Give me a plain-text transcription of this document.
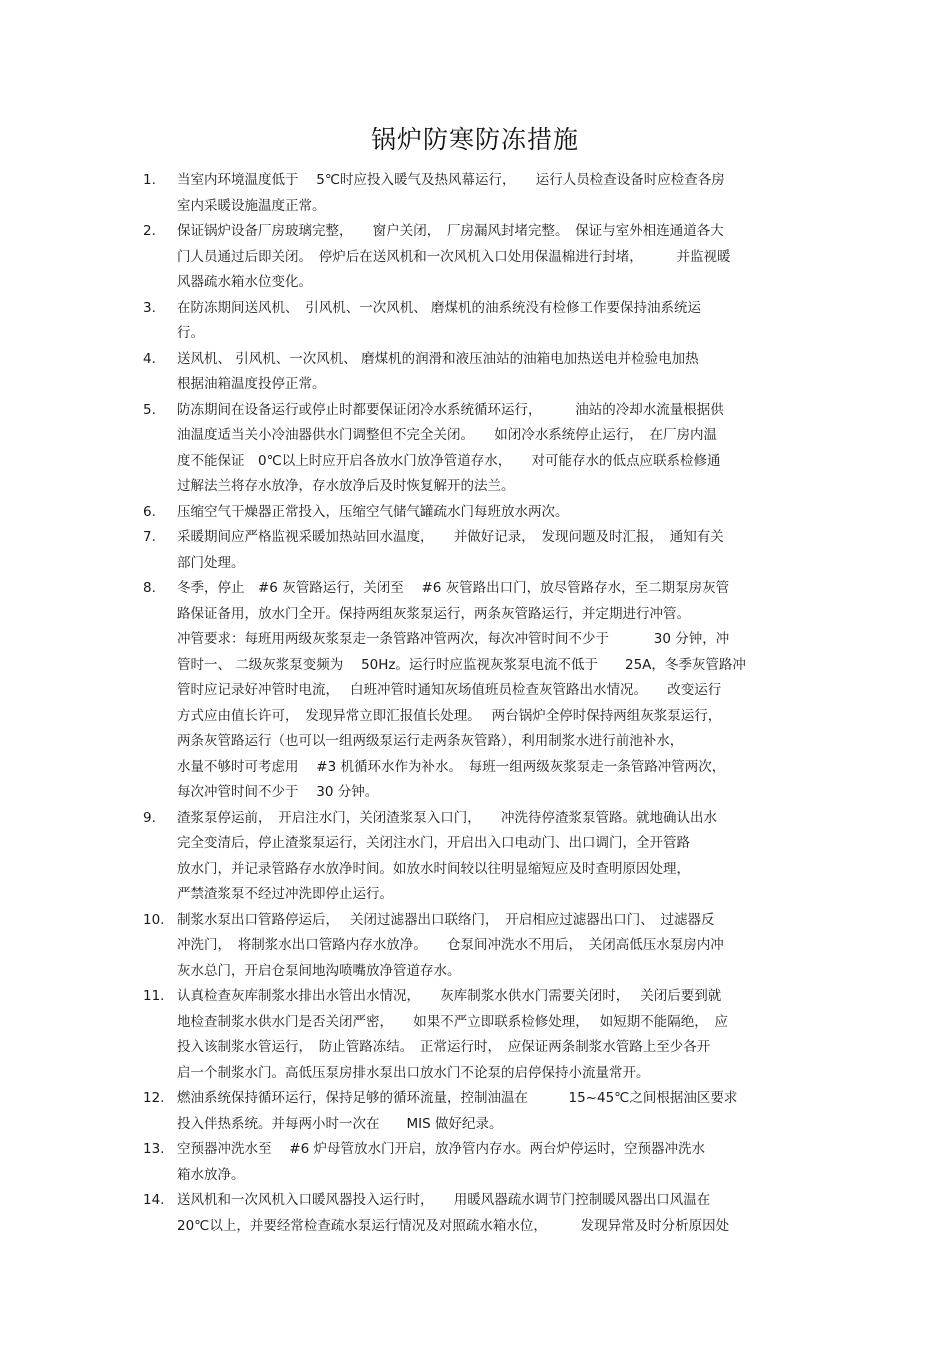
锅炉防寒防冻措施
1. 当室内环境温度低于　 5℃时应投入暖气及热风幕运行，　　运行人员检查设备时应检查各房
室内采暖设施温度正常。
2. 保证锅炉设备厂房玻璃完整，　　窗户关闭，　厂房漏风封堵完整。　保证与室外相连通道各大
门人员通过后即关闭。　停炉后在送风机和一次风机入口处用保温棉进行封堵，　　　并监视暖
风器疏水箱水位变化。
3. 在防冻期间送风机、　引风机、一次风机、 磨煤机的油系统没有检修工作要保持油系统运
行。
4. 送风机、 引风机、一次风机、 磨煤机的润滑和液压油站的油箱电加热送电并检验电加热
根据油箱温度投停正常。
5. 防冻期间在设备运行或停止时都要保证闭冷水系统循环运行，　　　油站的冷却水流量根据供
油温度适当关小冷油器供水门调整但不完全关闭。　　如闭冷水系统停止运行，　在厂房内温
度不能保证　0℃以上时应开启各放水门放净管道存水，　　对可能存水的低点应联系检修通
过解法兰将存水放净，存水放净后及时恢复解开的法兰。
6. 压缩空气干燥器正常投入，压缩空气储气罐疏水门每班放水两次。
7. 采暖期间应严格监视采暖加热站回水温度，　　并做好记录，　发现问题及时汇报，　通知有关
部门处理。
8. 冬季，停止　#6 灰管路运行，关闭至　 #6 灰管路出口门，放尽管路存水，至二期泵房灰管
路保证备用，放水门全开。保持两组灰浆泵运行，两条灰管路运行，并定期进行冲管。
冲管要求：每班用两级灰浆泵走一条管路冲管两次，每次冲管时间不少于　　　 30 分钟，冲
管时一、 二级灰浆泵变频为　 50Hz。运行时应监视灰浆泵电流不低于　　25A，冬季灰管路冲
管时应记录好冲管时电流，　 白班冲管时通知灰场值班员检查灰管路出水情况。　　改变运行
方式应由值长许可，　发现异常立即汇报值长处理。　 两台锅炉全停时保持两组灰浆泵运行，
两条灰管路运行（也可以一组两级泵运行走两条灰管路），利用制浆水进行前池补水，
水量不够时可考虑用　 #3 机循环水作为补水。　每班一组两级灰浆泵走一条管路冲管两次，
每次冲管时间不少于　 30 分钟。
9. 渣浆泵停运前，　开启注水门，关闭渣浆泵入口门，　　冲洗待停渣浆泵管路。就地确认出水
完全变清后，停止渣浆泵运行，关闭注水门，开启出入口电动门、出口调门，全开管路
放水门，并记录管路存水放净时间。如放水时间较以往明显缩短应及时查明原因处理，
严禁渣浆泵不经过冲洗即停止运行。
10. 制浆水泵出口管路停运后，　 关闭过滤器出口联络门，　开启相应过滤器出口门、　过滤器反
冲洗门，　将制浆水出口管路内存水放净。　　仓泵间冲洗水不用后，　关闭高低压水泵房内冲
灰水总门，开启仓泵间地沟喷嘴放净管道存水。
11. 认真检查灰库制浆水排出水管出水情况，　　灰库制浆水供水门需要关闭时，　 关闭后要到就
地检查制浆水供水门是否关闭严密，　　如果不严立即联系检修处理，　 如短期不能隔绝，　应
投入该制浆水管运行，　防止管路冻结。　正常运行时，　应保证两条制浆水管路上至少各开
启一个制浆水门。高低压泵房排水泵出口放水门不论泵的启停保持小流量常开。
12. 燃油系统保持循环运行，保持足够的循环流量，控制油温在　　　15~45℃之间根据油区要求
投入伴热系统。并每两小时一次在　　MIS 做好纪录。
13. 空预器冲洗水至　 #6 炉母管放水门开启，放净管内存水。两台炉停运时，空预器冲洗水
箱水放净。
14. 送风机和一次风机入口暖风器投入运行时，　　用暖风器疏水调节门控制暖风器出口风温在
20℃以上，并要经常检查疏水泵运行情况及对照疏水箱水位，　　　发现异常及时分析原因处
